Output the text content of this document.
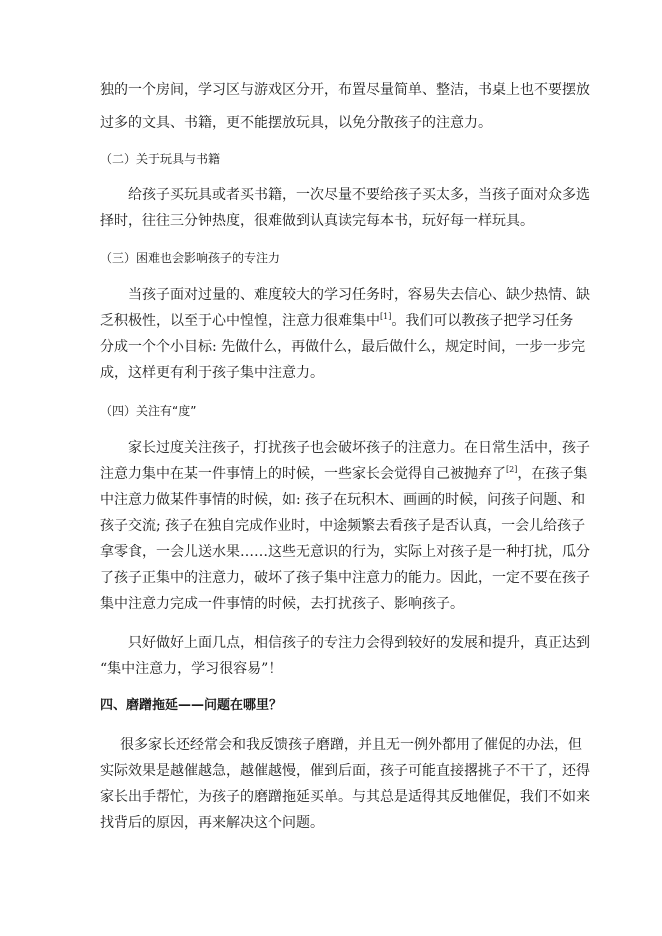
独的一个房间，学习区与游戏区分开，布置尽量简单、整洁，书桌上也不要摆放
过多的文具、书籍，更不能摆放玩具，以免分散孩子的注意力。
（二）关于玩具与书籍
给孩子买玩具或者买书籍，一次尽量不要给孩子买太多，当孩子面对众多选
择时，往往三分钟热度，很难做到认真读完每本书，玩好每一样玩具。
（三）困难也会影响孩子的专注力
当孩子面对过量的、难度较大的学习任务时，容易失去信心、缺少热情、缺
乏积极性，以至于心中惶惶，注意力很难集中[1]。我们可以教孩子把学习任务
分成一个个小目标: 先做什么，再做什么，最后做什么，规定时间，一步一步完
成，这样更有利于孩子集中注意力。
（四）关注有“度”
家长过度关注孩子，打扰孩子也会破坏孩子的注意力。在日常生活中，孩子
注意力集中在某一件事情上的时候，一些家长会觉得自己被抛弃了[2]，在孩子集
中注意力做某件事情的时候，如: 孩子在玩积木、画画的时候，问孩子问题、和
孩子交流; 孩子在独自完成作业时，中途频繁去看孩子是否认真，一会儿给孩子
拿零食，一会儿送水果……这些无意识的行为，实际上对孩子是一种打扰，瓜分
了孩子正集中的注意力，破坏了孩子集中注意力的能力。因此，一定不要在孩子
集中注意力完成一件事情的时候，去打扰孩子、影响孩子。
只好做好上面几点，相信孩子的专注力会得到较好的发展和提升，真正达到
“集中注意力，学习很容易”！
四、磨蹭拖延——问题在哪里？
很多家长还经常会和我反馈孩子磨蹭，并且无一例外都用了催促的办法，但
实际效果是越催越急，越催越慢，催到后面，孩子可能直接撂挑子不干了，还得
家长出手帮忙，为孩子的磨蹭拖延买单。与其总是适得其反地催促，我们不如来
找背后的原因，再来解决这个问题。
